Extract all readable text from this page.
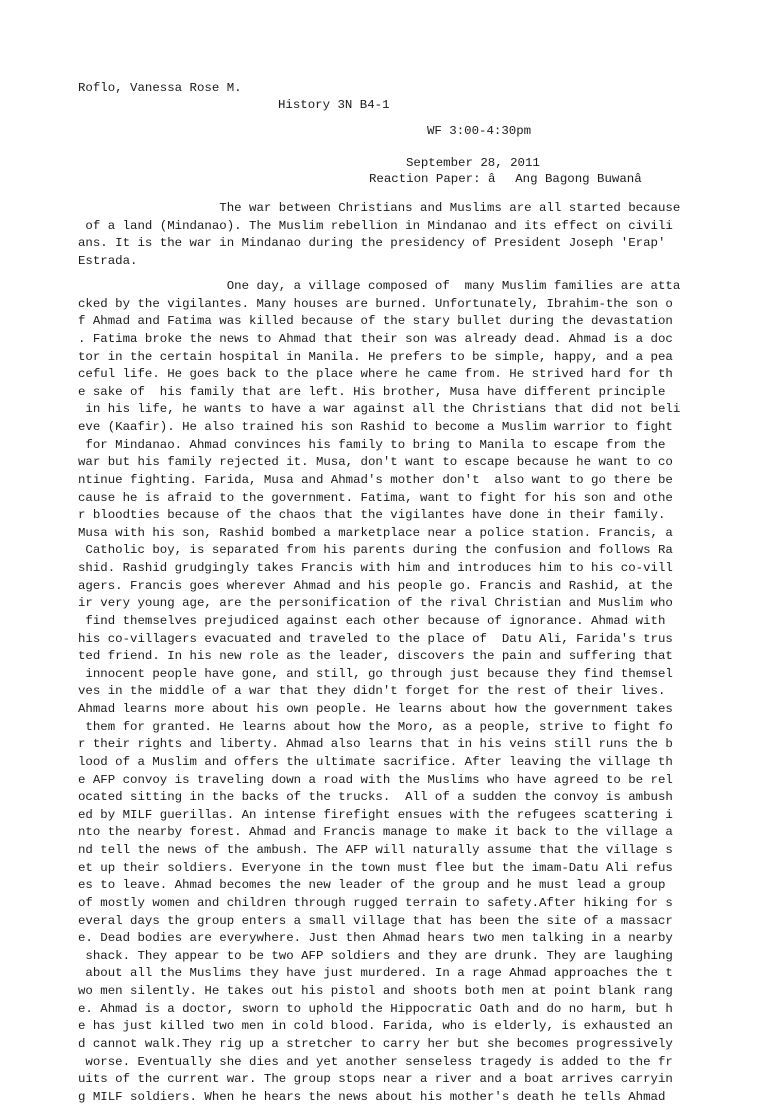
Roflo, Vanessa Rose M.
History 3N B4-1
WF 3:00-4:30pm
September 28, 2011
Reaction Paper: âAng Bagong Buwanâ
The war between Christians and Muslims are all started because
of a land (Mindanao). The Muslim rebellion in Mindanao and its effect on civili
ans. It is the war in Mindanao during the presidency of President Joseph 'Erap'
Estrada.
One day, a village composed of  many Muslim families are atta
cked by the vigilantes. Many houses are burned. Unfortunately, Ibrahim-the son o
f Ahmad and Fatima was killed because of the stary bullet during the devastation
. Fatima broke the news to Ahmad that their son was already dead. Ahmad is a doc
tor in the certain hospital in Manila. He prefers to be simple, happy, and a pea
ceful life. He goes back to the place where he came from. He strived hard for th
e sake of  his family that are left. His brother, Musa have different principle
in his life, he wants to have a war against all the Christians that did not beli
eve (Kaafir). He also trained his son Rashid to become a Muslim warrior to fight
for Mindanao. Ahmad convinces his family to bring to Manila to escape from the
war but his family rejected it. Musa, don't want to escape because he want to co
ntinue fighting. Farida, Musa and Ahmad's mother don't  also want to go there be
cause he is afraid to the government. Fatima, want to fight for his son and othe
r bloodties because of the chaos that the vigilantes have done in their family.
Musa with his son, Rashid bombed a marketplace near a police station. Francis, a
Catholic boy, is separated from his parents during the confusion and follows Ra
shid. Rashid grudgingly takes Francis with him and introduces him to his co-vill
agers. Francis goes wherever Ahmad and his people go. Francis and Rashid, at the
ir very young age, are the personification of the rival Christian and Muslim who
find themselves prejudiced against each other because of ignorance. Ahmad with
his co-villagers evacuated and traveled to the place of  Datu Ali, Farida's trus
ted friend. In his new role as the leader, discovers the pain and suffering that
innocent people have gone, and still, go through just because they find themsel
ves in the middle of a war that they didn't forget for the rest of their lives.
Ahmad learns more about his own people. He learns about how the government takes
them for granted. He learns about how the Moro, as a people, strive to fight fo
r their rights and liberty. Ahmad also learns that in his veins still runs the b
lood of a Muslim and offers the ultimate sacrifice. After leaving the village th
e AFP convoy is traveling down a road with the Muslims who have agreed to be rel
ocated sitting in the backs of the trucks.  All of a sudden the convoy is ambush
ed by MILF guerillas. An intense firefight ensues with the refugees scattering i
nto the nearby forest. Ahmad and Francis manage to make it back to the village a
nd tell the news of the ambush. The AFP will naturally assume that the village s
et up their soldiers. Everyone in the town must flee but the imam-Datu Ali refus
es to leave. Ahmad becomes the new leader of the group and he must lead a group
of mostly women and children through rugged terrain to safety.After hiking for s
everal days the group enters a small village that has been the site of a massacr
e. Dead bodies are everywhere. Just then Ahmad hears two men talking in a nearby
shack. They appear to be two AFP soldiers and they are drunk. They are laughing
about all the Muslims they have just murdered. In a rage Ahmad approaches the t
wo men silently. He takes out his pistol and shoots both men at point blank rang
e. Ahmad is a doctor, sworn to uphold the Hippocratic Oath and do no harm, but h
e has just killed two men in cold blood. Farida, who is elderly, is exhausted an
d cannot walk.They rig up a stretcher to carry her but she becomes progressively
worse. Eventually she dies and yet another senseless tragedy is added to the fr
uits of the current war. The group stops near a river and a boat arrives carryin
g MILF soldiers. When he hears the news about his mother's death he tells Ahmad
